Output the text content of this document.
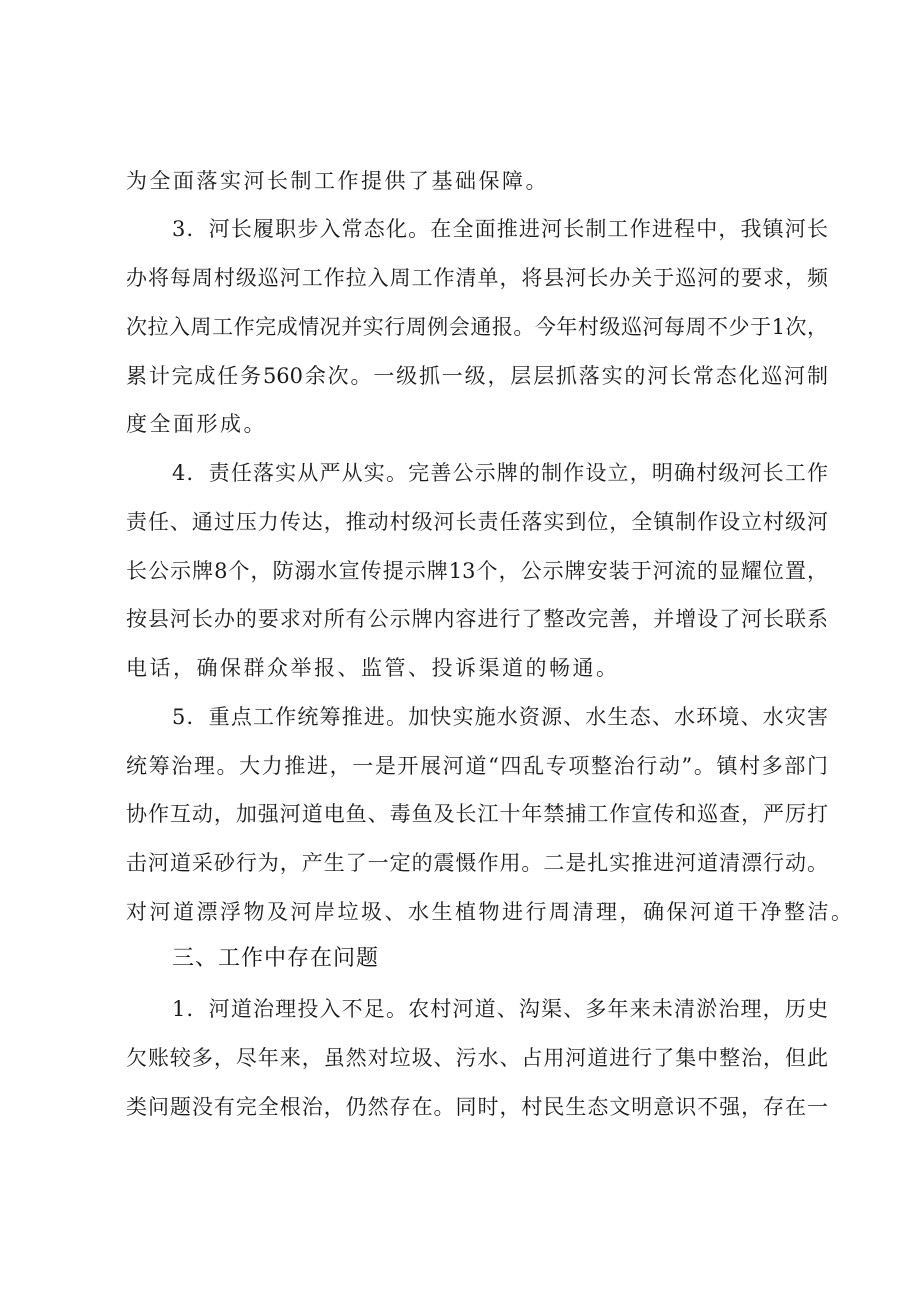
为全面落实河长制工作提供了基础保障。
3．河长履职步入常态化。在全面推进河长制工作进程中，我镇河长
办将每周村级巡河工作拉入周工作清单，将县河长办关于巡河的要求，频
次拉入周工作完成情况并实行周例会通报。今年村级巡河每周不少于1次，
累计完成任务560余次。一级抓一级，层层抓落实的河长常态化巡河制
度全面形成。
4．责任落实从严从实。完善公示牌的制作设立，明确村级河长工作
责任、通过压力传达，推动村级河长责任落实到位，全镇制作设立村级河
长公示牌8个，防溺水宣传提示牌13个，公示牌安装于河流的显耀位置，
按县河长办的要求对所有公示牌内容进行了整改完善，并增设了河长联系
电话，确保群众举报、监管、投诉渠道的畅通。
5．重点工作统筹推进。加快实施水资源、水生态、水环境、水灾害
统筹治理。大力推进，一是开展河道“四乱专项整治行动”。镇村多部门
协作互动，加强河道电鱼、毒鱼及长江十年禁捕工作宣传和巡查，严厉打
击河道采砂行为，产生了一定的震慑作用。二是扎实推进河道清漂行动。
对河道漂浮物及河岸垃圾、水生植物进行周清理，确保河道干净整洁。
1．河道治理投入不足。农村河道、沟渠、多年来未清淤治理，历史
欠账较多，尽年来，虽然对垃圾、污水、占用河道进行了集中整治，但此
类问题没有完全根治，仍然存在。同时，村民生态文明意识不强，存在一
三、工作中存在问题
